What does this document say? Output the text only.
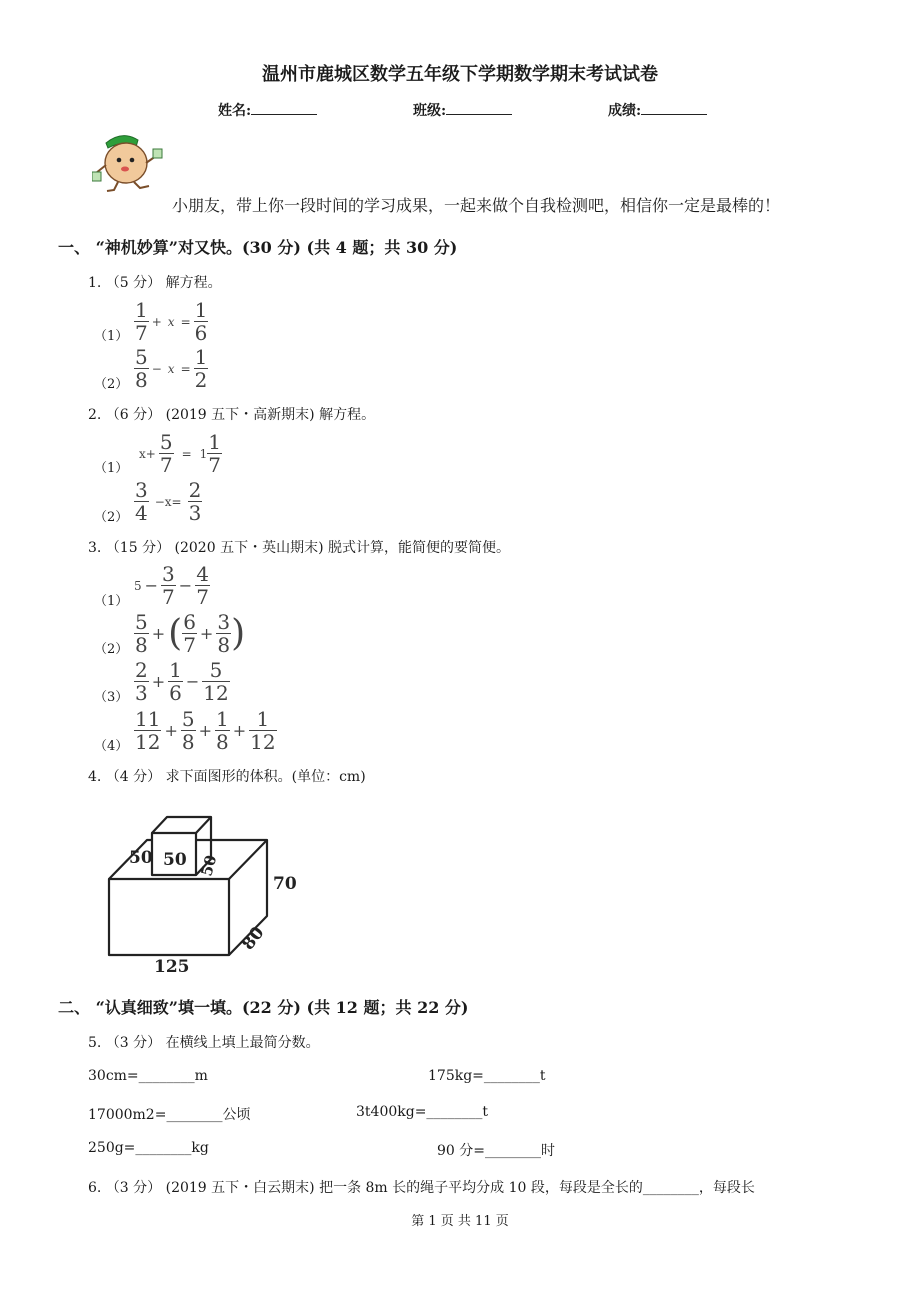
温州市鹿城区数学五年级下学期数学期末考试试卷
姓名:	班级:	成绩:
小朋友，带上你一段时间的学习成果，一起来做个自我检测吧，相信你一定是最棒的！
一、 “神机妙算”对又快。(30 分) (共 4 题；共 30 分)
1. （5 分） 解方程。
$(1) \frac{1}{7} + x = \frac{1}{6}$
$(2) \frac{5}{8} - x = \frac{1}{2}$
2. （6 分） (2019 五下・高新期末) 解方程。
（1）
$x+ \frac{5}{7} = 1 \frac{1}{7}$
$(2) \frac{3}{4} -x= \frac{2}{3}$
3. （15 分） (2020 五下・英山期末) 脱式计算，能简便的要简便。
（1）
$5 - \frac{3}{7} - \frac{4}{7}$
$(2) \frac{5}{8}$ + ( $\frac{6}{7} + \frac{3}{8}$ )
$(3) \frac{2}{3} + \frac{1}{6} - \frac{5}{12}$
$(4) \frac{11}{12} + \frac{5}{8} + \frac{1}{8} + \frac{1}{12}$
4. （4 分） 求下面图形的体积。(单位：cm)
50 50 50
70
80
125
二、 “认真细致”填一填。(22 分) (共 12 题；共 22 分)
5. （3 分） 在横线上填上最简分数。
30cm=________m	175kg=________t
17000m2=________公顷	3t400kg=________t
250g=________kg	90 分=________时
6. （3 分） (2019 五下・白云期末) 把一条 8m 长的绳子平均分成 10 段，每段是全长的________，每段长
第 1 页 共 11 页
